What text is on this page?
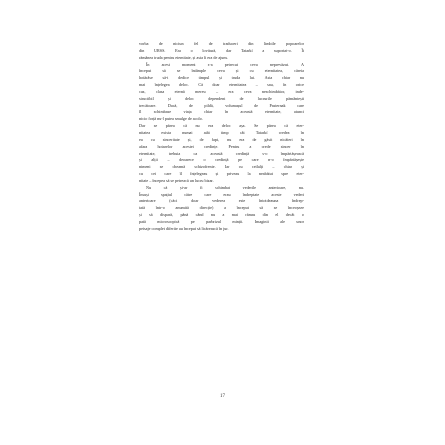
vorba de niciun fel de traduceri din limbile popoarelor
din URSS. Era o lovitură, dar Tatarkí a suportat-o. Îi
rămânea truda pentru eternitate, și asta îi era de ajuns.
În acest moment s-a petrecut ceva neprevăzut. A
început să se întâmple ceva și cu eternitatea, căreia
hotărâse să-i dedice timpul și truda lui. Asta chiar nu
mai înțelegea deloc. Că doar eternitatea – sau, în orice
caz, clasa eternă mereu – era ceva neschimbător, inde-
structibil și deloc dependent de lucrurile pământești
trecătoare. Dacă, de pildă, volumașul de Pasternak care
îl schimbase viața chiar în această eternitate, atunci
nicio forță nu-l putea smulge de acolo.
Dar se părea că nu era deloc așa. Se părea că eter-
nitatea exista numai atât timp cât Tatarkí credea în
ea cu sinceritate și, de fapt, nu era de găsit nicăieri în
afara hotarelor acestei credințe. Pentru a crede sincer în
eternitate, trebuia ca această credință s-o împărtășească
și alții – deoarece o credință pe care n-o împărtășește
nimeni se cheamă schizofrenie. Iar cu ceilalți – chiar și
cu cei care îl înțelegeau și priveau la neabătut spre eter-
nitate – începea să se petreacă un lucru bizar.
Nu că și-ar fi schimbat vederile anterioare, nu.
Însuși spațiul către care erau îndreptate aceste vederi
anterioare (căci doar vederea este întotdeauna îndrep-
tată într-o anumită direcție) a început să se înceoșeze
și să dispară, până când nu a mai rămas din el decât o
pată microscopică pe parbrizul minții. Imaginii ale unor
peisaje complet diferite au început să licărească în jur.
17
